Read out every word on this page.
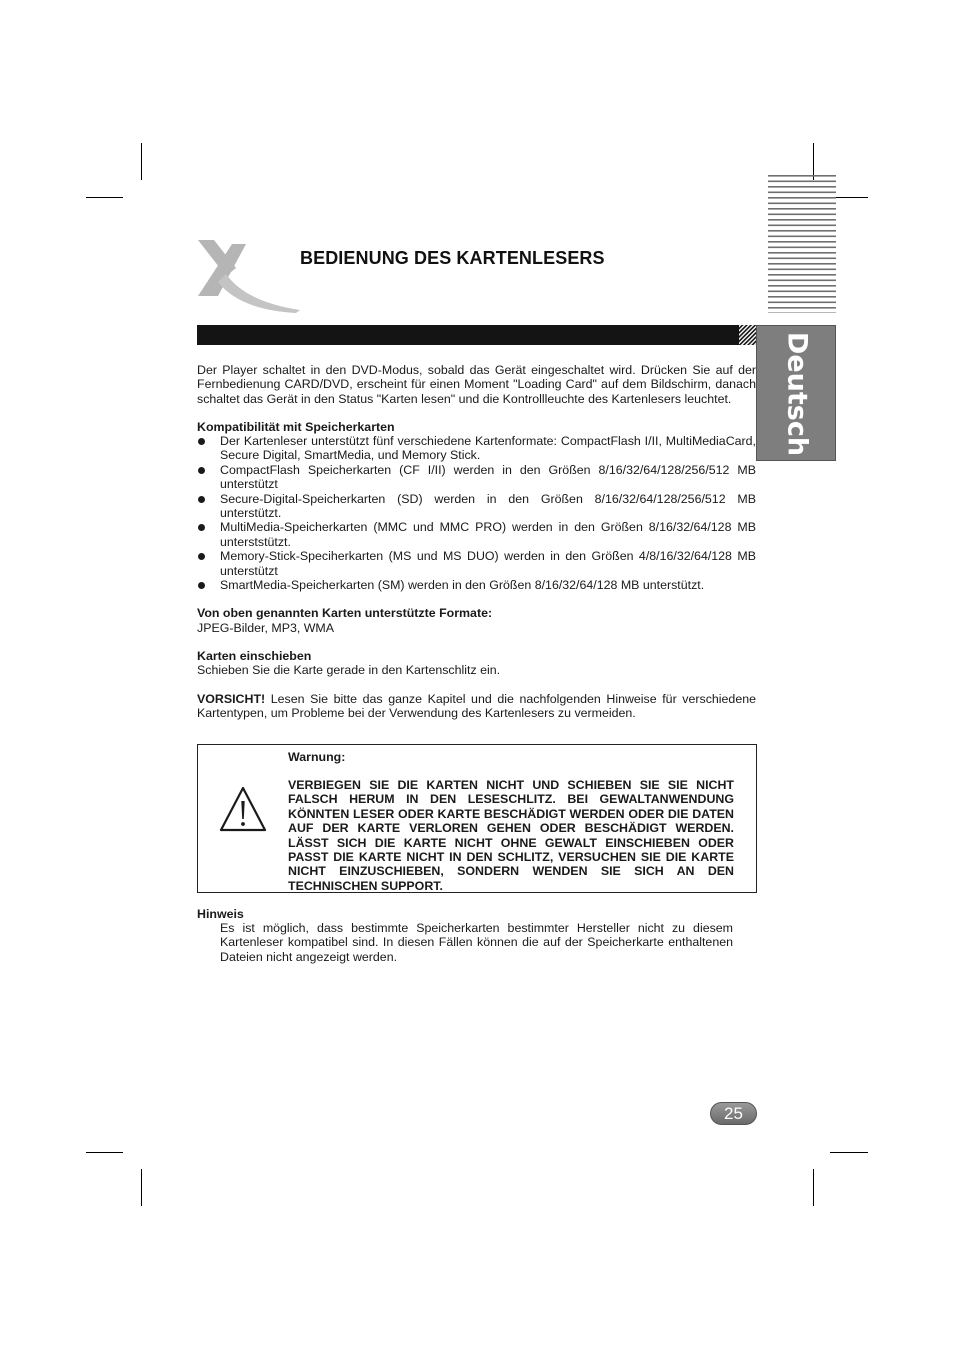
BEDIENUNG DES KARTENLESERS
Deutsch
Der Player schaltet in den DVD-Modus, sobald das Gerät eingeschaltet wird. Drücken Sie auf der Fernbedienung CARD/DVD, erscheint für einen Moment "Loading Card" auf dem Bildschirm, danach schaltet das Gerät in den Status "Karten lesen" und die Kontrollleuchte des Kartenlesers leuchtet.
Kompatibilität mit Speicherkarten
Der Kartenleser unterstützt fünf verschiedene Kartenformate: CompactFlash I/II, MultiMediaCard, Secure Digital, SmartMedia, und Memory Stick.
CompactFlash Speicherkarten (CF I/II) werden in den Größen 8/16/32/64/128/256/512 MB unterstützt
Secure-Digital-Speicherkarten (SD) werden in den Größen 8/16/32/64/128/256/512 MB unterstützt.
MultiMedia-Speicherkarten (MMC und MMC PRO) werden in den Größen 8/16/32/64/128 MB unterststützt.
Memory-Stick-Speciherkarten (MS und MS DUO) werden in den Größen 4/8/16/32/64/128 MB unterstützt
SmartMedia-Speicherkarten (SM) werden in den Größen 8/16/32/64/128 MB unterstützt.
Von oben genannten Karten unterstützte Formate:
JPEG-Bilder, MP3, WMA
Karten einschieben
Schieben Sie die Karte gerade in den Kartenschlitz ein.
VORSICHT! Lesen Sie bitte das ganze Kapitel und die nachfolgenden Hinweise für verschiedene Kartentypen, um Probleme bei der Verwendung des Kartenlesers zu vermeiden.
Warnung:
VERBIEGEN SIE DIE KARTEN NICHT UND SCHIEBEN SIE SIE NICHT FALSCH HERUM IN DEN LESESCHLITZ. BEI GEWALTANWENDUNG KÖNNTEN LESER ODER KARTE BESCHÄDIGT WERDEN ODER DIE DATEN AUF DER KARTE VERLOREN GEHEN ODER BESCHÄDIGT WERDEN. LÄSST SICH DIE KARTE NICHT OHNE GEWALT EINSCHIEBEN ODER PASST DIE KARTE NICHT IN DEN SCHLITZ, VERSUCHEN SIE DIE KARTE NICHT EINZUSCHIEBEN, SONDERN WENDEN SIE SICH AN DEN TECHNISCHEN SUPPORT.
Hinweis
Es ist möglich, dass bestimmte Speicherkarten bestimmter Hersteller nicht zu diesem Kartenleser kompatibel sind. In diesen Fällen können die auf der Speicherkarte enthaltenen Dateien nicht angezeigt werden.
25
